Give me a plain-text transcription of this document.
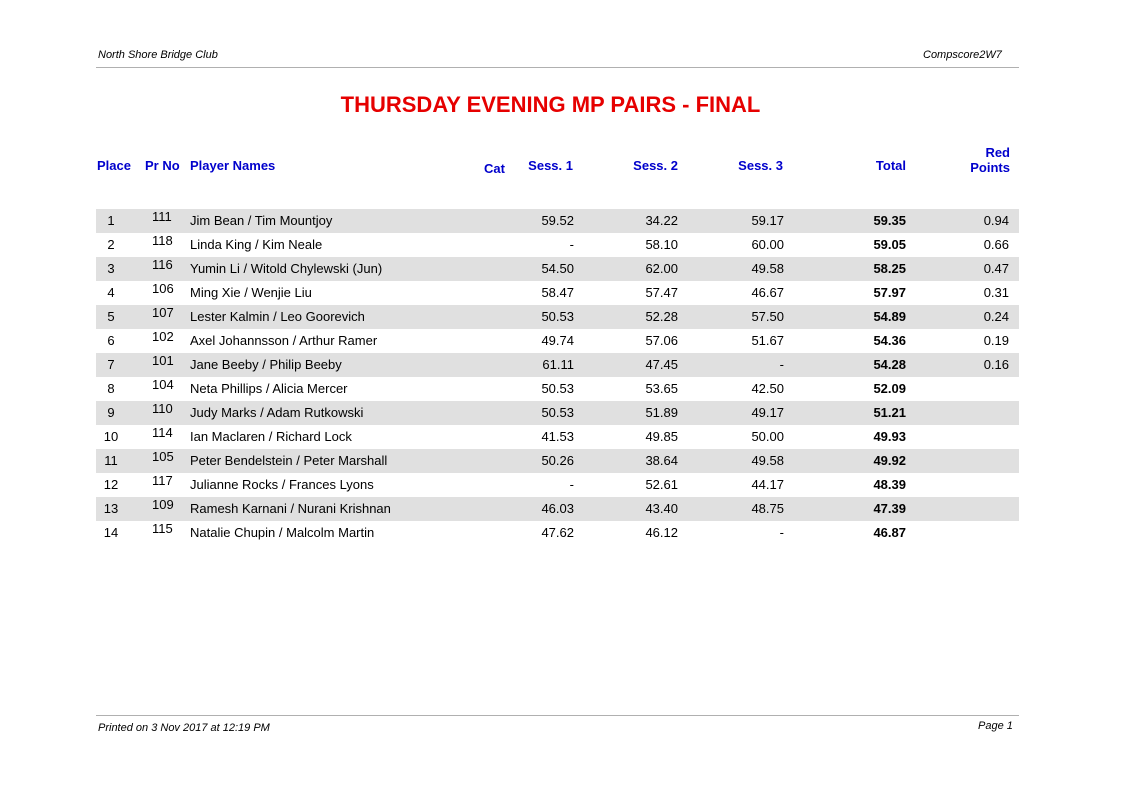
North Shore Bridge Club	Compscore2W7
THURSDAY EVENING MP PAIRS - FINAL
Place Pr No Player Names	Cat Sess. 1	Sess. 2	Sess. 3	Total
Red
Points
1	111 Jim Bean / Tim Mountjoy	59.52	34.22	59.17	59.35	0.94
2	118 Linda King / Kim Neale	-	58.10	60.00	59.05	0.66
3	116 Yumin Li / Witold Chylewski (Jun)	54.50	62.00	49.58	58.25	0.47
4	106 Ming Xie / Wenjie Liu	58.47	57.47	46.67	57.97	0.31
5	107 Lester Kalmin / Leo Goorevich	50.53	52.28	57.50	54.89	0.24
6	102 Axel Johannsson / Arthur Ramer	49.74	57.06	51.67	54.36	0.19
7	101 Jane Beeby / Philip Beeby	61.11	47.45	-	54.28	0.16
8	104 Neta Phillips / Alicia Mercer	50.53	53.65	42.50	52.09
9	110 Judy Marks / Adam Rutkowski	50.53	51.89	49.17	51.21
10	114 Ian Maclaren / Richard Lock	41.53	49.85	50.00	49.93
11	105 Peter Bendelstein / Peter Marshall	50.26	38.64	49.58	49.92
12	117 Julianne Rocks / Frances Lyons	-	52.61	44.17	48.39
13	109 Ramesh Karnani / Nurani Krishnan	46.03	43.40	48.75	47.39
14	115 Natalie Chupin / Malcolm Martin	47.62	46.12	-	46.87
Printed on 3 Nov 2017 at 12:19 PM	Page 1
